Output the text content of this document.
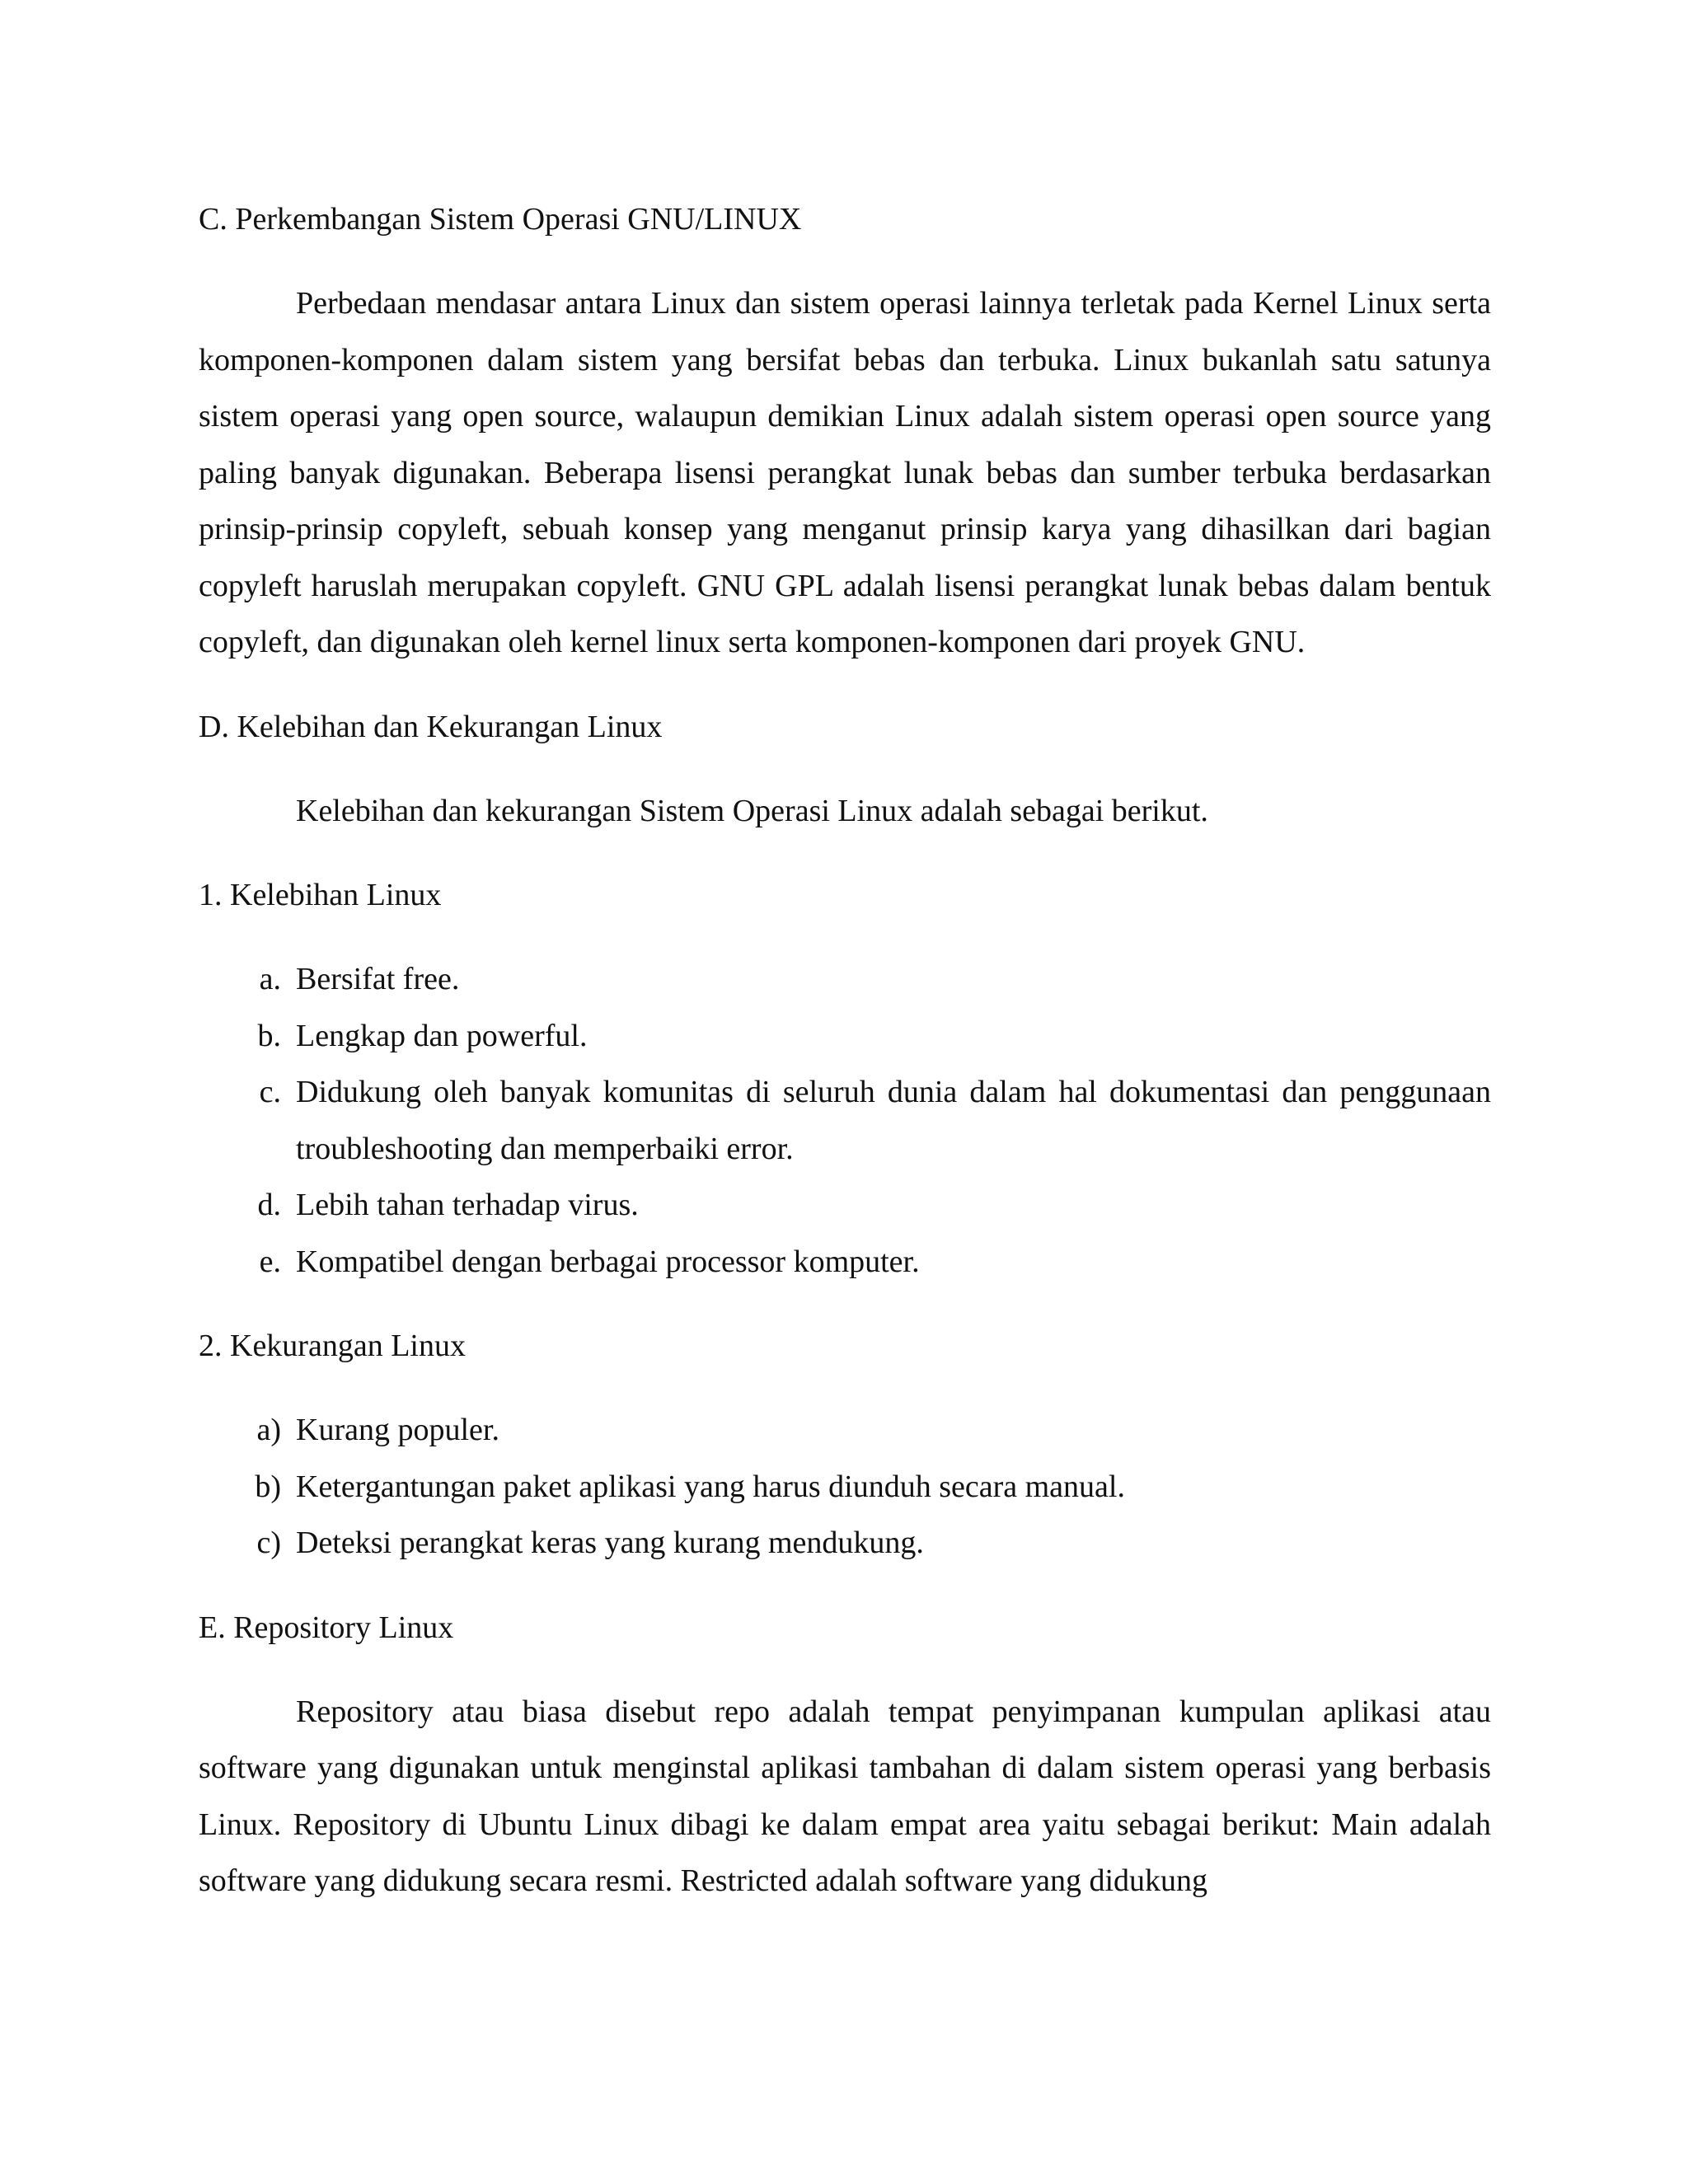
C. Perkembangan Sistem Operasi GNU/LINUX

Perbedaan mendasar antara Linux dan sistem operasi lainnya terletak pada Kernel Linux serta komponen-komponen dalam sistem yang bersifat bebas dan terbuka. Linux bukanlah satu satunya sistem operasi yang open source, walaupun demikian Linux adalah sistem operasi open source yang paling banyak digunakan. Beberapa lisensi perangkat lunak bebas dan sumber terbuka berdasarkan prinsip-prinsip copyleft, sebuah konsep yang menganut prinsip karya yang dihasilkan dari bagian copyleft haruslah merupakan copyleft. GNU GPL adalah lisensi perangkat lunak bebas dalam bentuk copyleft, dan digunakan oleh kernel linux serta komponen-komponen dari proyek GNU.

D. Kelebihan dan Kekurangan Linux

Kelebihan dan kekurangan Sistem Operasi Linux adalah sebagai berikut.

1. Kelebihan Linux
a. Bersifat free.
b. Lengkap dan powerful.
c. Didukung oleh banyak komunitas di seluruh dunia dalam hal dokumentasi dan penggunaan troubleshooting dan memperbaiki error.
d. Lebih tahan terhadap virus.
e. Kompatibel dengan berbagai processor komputer.
2. Kekurangan Linux
a) Kurang populer.
b) Ketergantungan paket aplikasi yang harus diunduh secara manual.
c) Deteksi perangkat keras yang kurang mendukung.
E. Repository Linux

Repository atau biasa disebut repo adalah tempat penyimpanan kumpulan aplikasi atau software yang digunakan untuk menginstal aplikasi tambahan di dalam sistem operasi yang berbasis Linux. Repository di Ubuntu Linux dibagi ke dalam empat area yaitu sebagai berikut: Main adalah software yang didukung secara resmi. Restricted adalah software yang didukung
